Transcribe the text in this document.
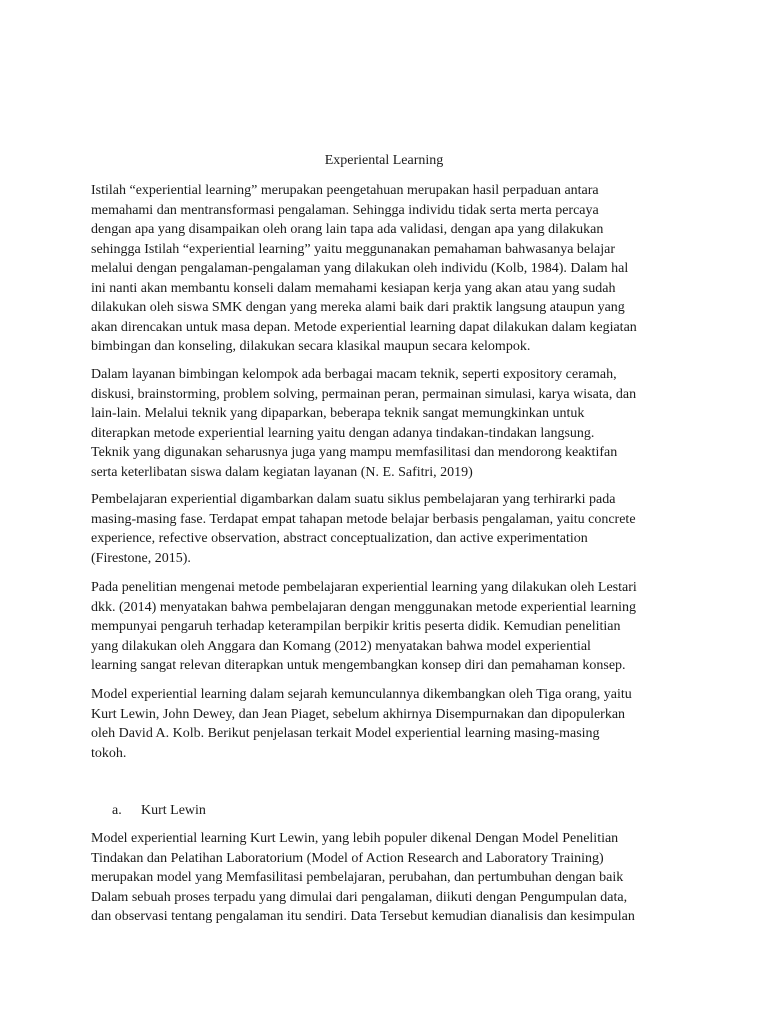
Experiental Learning

Istilah “experiential learning” merupakan peengetahuan merupakan hasil perpaduan antara
memahami dan mentransformasi pengalaman. Sehingga individu tidak serta merta percaya
dengan apa yang disampaikan oleh orang lain tapa ada validasi, dengan apa yang dilakukan
sehingga Istilah “experiential learning” yaitu meggunanakan pemahaman bahwasanya belajar
melalui dengan pengalaman-pengalaman yang dilakukan oleh individu (Kolb, 1984). Dalam hal
ini nanti akan membantu konseli dalam memahami kesiapan kerja yang akan atau yang sudah
dilakukan oleh siswa SMK dengan yang mereka alami baik dari praktik langsung ataupun yang
akan direncakan untuk masa depan. Metode experiential learning dapat dilakukan dalam kegiatan
bimbingan dan konseling, dilakukan secara klasikal maupun secara kelompok.

Dalam layanan bimbingan kelompok ada berbagai macam teknik, seperti expository ceramah,
diskusi, brainstorming, problem solving, permainan peran, permainan simulasi, karya wisata, dan
lain-lain. Melalui teknik yang dipaparkan, beberapa teknik sangat memungkinkan untuk
diterapkan metode experiential learning yaitu dengan adanya tindakan-tindakan langsung.
Teknik yang digunakan seharusnya juga yang mampu memfasilitasi dan mendorong keaktifan
serta keterlibatan siswa dalam kegiatan layanan (N. E. Safitri, 2019)

Pembelajaran experiential digambarkan dalam suatu siklus pembelajaran yang terhirarki pada
masing-masing fase. Terdapat empat tahapan metode belajar berbasis pengalaman, yaitu concrete
experience, refective observation, abstract conceptualization, dan active experimentation
(Firestone, 2015).

Pada penelitian mengenai metode pembelajaran experiential learning yang dilakukan oleh Lestari
dkk. (2014) menyatakan bahwa pembelajaran dengan menggunakan metode experiential learning
mempunyai pengaruh terhadap keterampilan berpikir kritis peserta didik. Kemudian penelitian
yang dilakukan oleh Anggara dan Komang (2012) menyatakan bahwa model experiential
learning sangat relevan diterapkan untuk mengembangkan konsep diri dan pemahaman konsep.

Model experiential learning dalam sejarah kemunculannya dikembangkan oleh Tiga orang, yaitu
Kurt Lewin, John Dewey, dan Jean Piaget, sebelum akhirnya Disempurnakan dan dipopulerkan
oleh David A. Kolb. Berikut penjelasan terkait Model experiential learning masing-masing
tokoh.

a. Kurt Lewin

Model experiential learning Kurt Lewin, yang lebih populer dikenal Dengan Model Penelitian
Tindakan dan Pelatihan Laboratorium (Model of Action Research and Laboratory Training)
merupakan model yang Memfasilitasi pembelajaran, perubahan, dan pertumbuhan dengan baik
Dalam sebuah proses terpadu yang dimulai dari pengalaman, diikuti dengan Pengumpulan data,
dan observasi tentang pengalaman itu sendiri. Data Tersebut kemudian dianalisis dan kesimpulan
